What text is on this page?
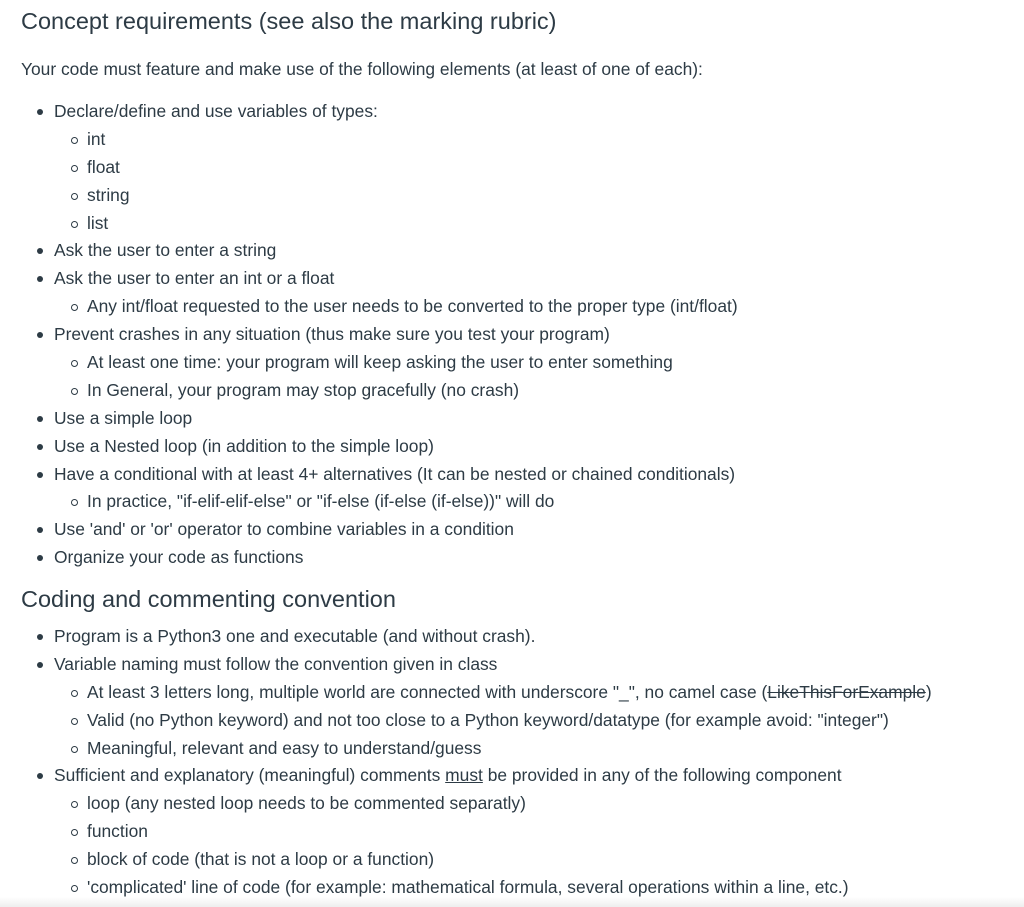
Concept requirements (see also the marking rubric)

Your code must feature and make use of the following elements (at least of one of each):

Declare/define and use variables of types:
int
float
string
list
Ask the user to enter a string
Ask the user to enter an int or a float
Any int/float requested to the user needs to be converted to the proper type (int/float)
Prevent crashes in any situation (thus make sure you test your program)
At least one time: your program will keep asking the user to enter something
In General, your program may stop gracefully (no crash)
Use a simple loop
Use a Nested loop (in addition to the simple loop)
Have a conditional with at least 4+ alternatives (It can be nested or chained conditionals)
In practice, "if-elif-elif-else" or "if-else (if-else (if-else))" will do
Use 'and' or 'or' operator to combine variables in a condition
Organize your code as functions
Coding and commenting convention
Program is a Python3 one and executable (and without crash).
Variable naming must follow the convention given in class
At least 3 letters long, multiple world are connected with underscore "_", no camel case (LikeThisForExample)
Valid (no Python keyword) and not too close to a Python keyword/datatype (for example avoid: "integer")
Meaningful, relevant and easy to understand/guess
Sufficient and explanatory (meaningful) comments must be provided in any of the following component
loop (any nested loop needs to be commented separatly)
function
block of code (that is not a loop or a function)
'complicated' line of code (for example: mathematical formula, several operations within a line, etc.)
